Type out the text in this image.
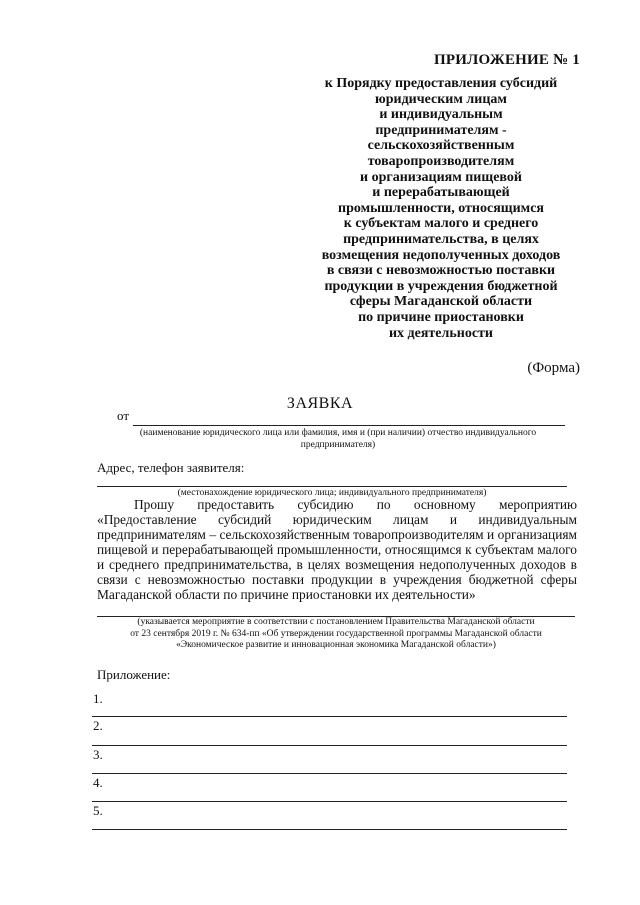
ПРИЛОЖЕНИЕ № 1
к Порядку предоставления субсидий
юридическим лицам
и индивидуальным
предпринимателям -
сельскохозяйственным
товаропроизводителям
и организациям пищевой
и перерабатывающей
промышленности, относящимся
к субъектам малого и среднего
предпринимательства, в целях
возмещения недополученных доходов
в связи с невозможностью поставки
продукции в учреждения бюджетной
сферы Магаданской области
по причине приостановки
их деятельности
(Форма)
ЗАЯВКА
от
(наименование юридического лица или фамилия, имя и (при наличии) отчество индивидуального
предпринимателя)
Адрес, телефон заявителя:
(местонахождение юридического лица; индивидуального предпринимателя)
Прошу предоставить субсидию по основному мероприятию «Предоставление субсидий юридическим лицам и индивидуальным предпринимателям – сельскохозяйственным товаропроизводителям и организациям пищевой и перерабатывающей промышленности, относящимся к субъектам малого и среднего предпринимательства, в целях возмещения недополученных доходов в связи с невозможностью поставки продукции в учреждения бюджетной сферы Магаданской области по причине приостановки их деятельности»
(указывается мероприятие в соответствии с постановлением Правительства Магаданской области
от 23 сентября 2019 г. № 634-пп «Об утверждении государственной программы Магаданской области
«Экономическое развитие и инновационная экономика Магаданской области»)
Приложение:
1.
2.
3.
4.
5.
